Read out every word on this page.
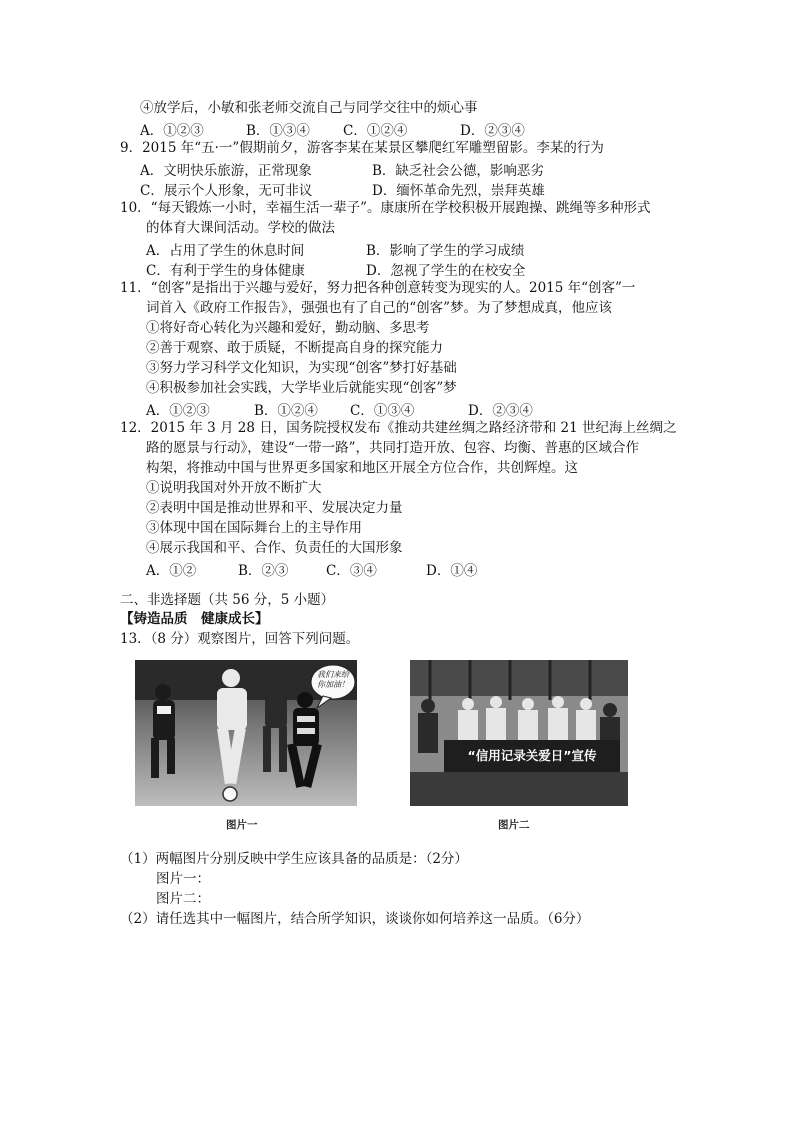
④放学后，小敏和张老师交流自己与同学交往中的烦心事
A．①②③	B．①③④ C．①②④	D．②③④
9．2015 年“五·一”假期前夕，游客李某在某景区攀爬红军雕塑留影。李某的行为
A．文明快乐旅游，正常现象	B．缺乏社会公德，影响恶劣
C．展示个人形象，无可非议	D．缅怀革命先烈，崇拜英雄
10．“每天锻炼一小时，幸福生活一辈子”。康康所在学校积极开展跑操、跳绳等多种形式
的体育大课间活动。学校的做法
A．占用了学生的休息时间	B．影响了学生的学习成绩
C．有利于学生的身体健康	D．忽视了学生的在校安全
11．“创客”是指出于兴趣与爱好，努力把各种创意转变为现实的人。2015 年“创客”一
词首入《政府工作报告》，强强也有了自己的“创客”梦。为了梦想成真，他应该
①将好奇心转化为兴趣和爱好，勤动脑、多思考
②善于观察、敢于质疑，不断提高自身的探究能力
③努力学习科学文化知识，为实现“创客”梦打好基础
④积极参加社会实践，大学毕业后就能实现“创客”梦
A．①②③	B．①②④ C．①③④	D．②③④
12．2015 年 3 月 28 日，国务院授权发布《推动共建丝绸之路经济带和 21 世纪海上丝绸之
路的愿景与行动》，建设“一带一路”，共同打造开放、包容、均衡、普惠的区域合作
构架，将推动中国与世界更多国家和地区开展全方位合作，共创辉煌。这
①说明我国对外开放不断扩大
②表明中国是推动世界和平、发展决定力量
③体现中国在国际舞台上的主导作用
④展示我国和平、合作、负责任的大国形象
A．①②	B．②③	C．③④	D．①④
二、非选择题（共 56 分，5 小题）
【铸造品质　健康成长】
13．（8 分）观察图片，回答下列问题。
我们来给你加油！
“信用记录关爱日”宣传
图片一	图片二
（1）两幅图片分别反映中学生应该具备的品质是：（2分）
图片一：
图片二：
（2）请任选其中一幅图片，结合所学知识，谈谈你如何培养这一品质。（6分）
